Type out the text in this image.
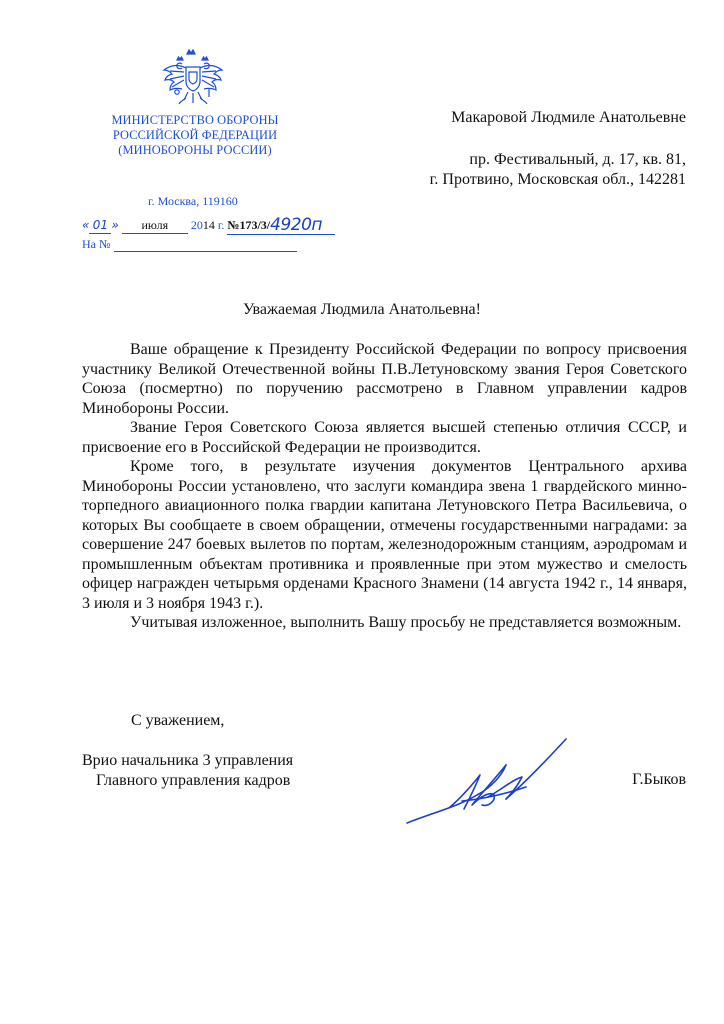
МИНИСТЕРСТВО ОБОРОНЫ
РОССИЙСКОЙ ФЕДЕРАЦИИ
(МИНОБОРОНЫ РОССИИ)
Макаровой Людмиле Анатольевне
пр. Фестивальный, д. 17, кв. 81,
г. Протвино, Московская обл., 142281
г. Москва, 119160
« 01 » июля 2014 г. №173/3/4920п
На №
Уважаемая Людмила Анатольевна!

Ваше обращение к Президенту Российской Федерации по вопросу присвоения участнику Великой Отечественной войны П.В.Летуновскому звания Героя Советского Союза (посмертно) по поручению рассмотрено в Главном управлении кадров Минобороны России.

Звание Героя Советского Союза является высшей степенью отличия СССР, и присвоение его в Российской Федерации не производится.

Кроме того, в результате изучения документов Центрального архива Минобороны России установлено, что заслуги командира звена 1 гвардейского минно-торпедного авиационного полка гвардии капитана Летуновского Петра Васильевича, о которых Вы сообщаете в своем обращении, отмечены государственными наградами: за совершение 247 боевых вылетов по портам, железнодорожным станциям, аэродромам и промышленным объектам противника и проявленные при этом мужество и смелость офицер награжден четырьмя орденами Красного Знамени (14 августа 1942 г., 14 января, 3 июля и 3 ноября 1943 г.).

Учитывая изложенное, выполнить Вашу просьбу не представляется возможным.

С уважением,
Врио начальника 3 управления
Главного управления кадров	Г.Быков
